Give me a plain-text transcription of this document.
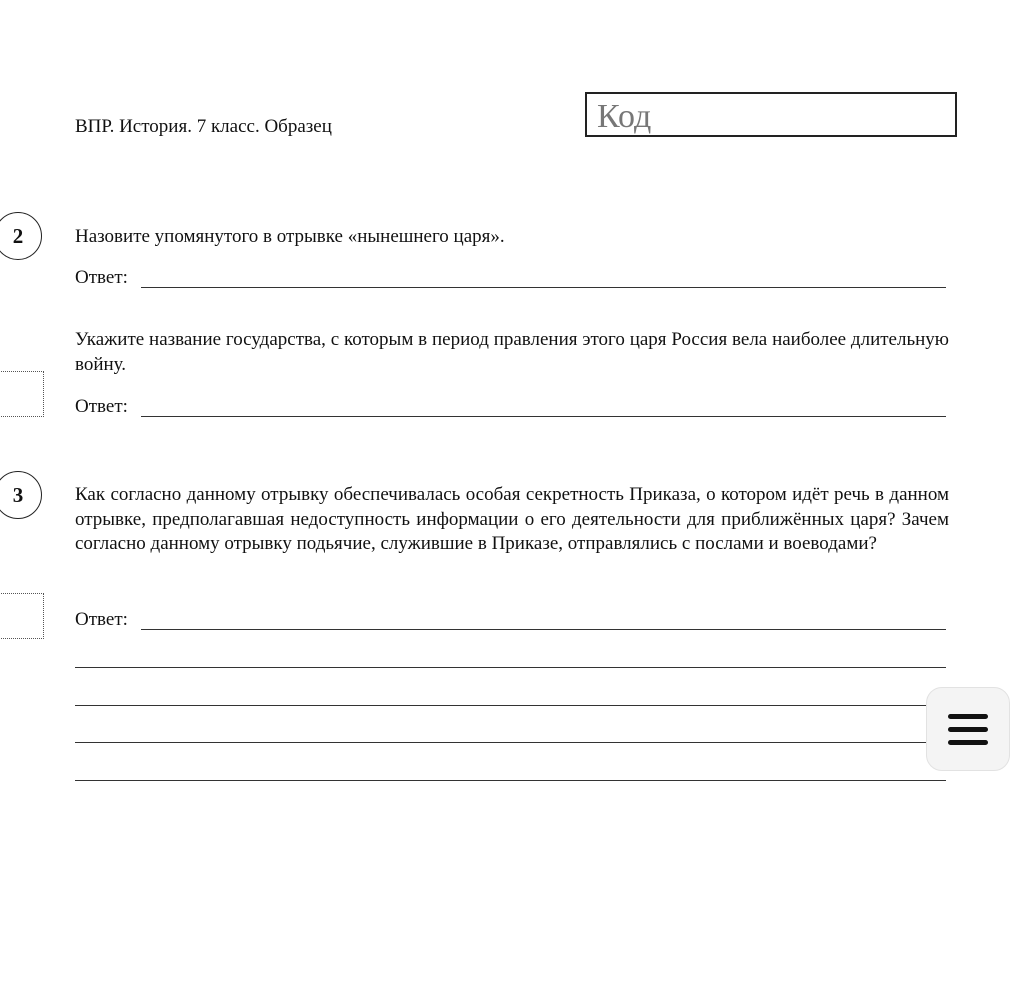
ВПР. История. 7 класс. Образец	Код
2	Назовите упомянутого в отрывке «нынешнего царя».
Ответ:
Укажите название государства, с которым в период правления этого царя Россия вела наиболее длительную войну.
Ответ:
3	Как согласно данному отрывку обеспечивалась особая секретность Приказа, о котором идёт речь в данном отрывке, предполагавшая недоступность информации о его деятельности для приближённых царя? Зачем согласно данному отрывку подьячие, служившие в Приказе, отправлялись с послами и воеводами?
Ответ:
